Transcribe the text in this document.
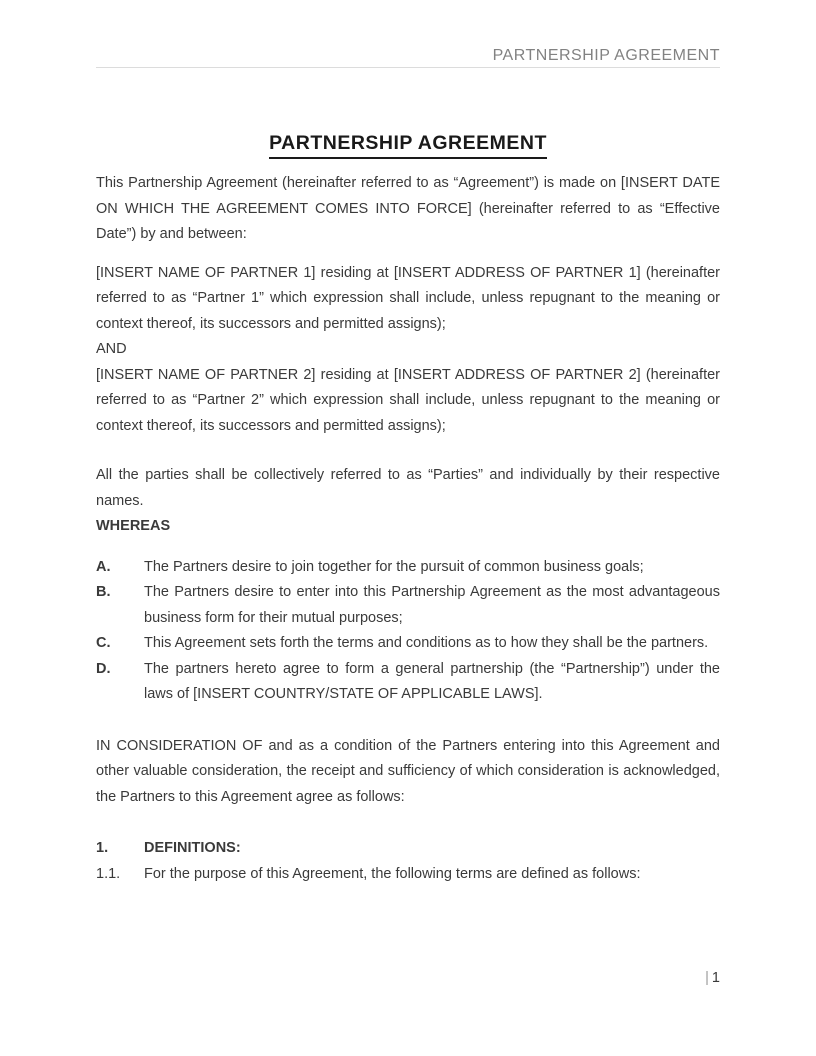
PARTNERSHIP AGREEMENT
PARTNERSHIP AGREEMENT
This Partnership Agreement (hereinafter referred to as “Agreement”) is made on [INSERT DATE ON WHICH THE AGREEMENT COMES INTO FORCE] (hereinafter referred to as “Effective Date”) by and between:
[INSERT NAME OF PARTNER 1] residing at [INSERT ADDRESS OF PARTNER 1] (hereinafter referred to as “Partner 1” which expression shall include, unless repugnant to the meaning or context thereof, its successors and permitted assigns);
AND
[INSERT NAME OF PARTNER 2] residing at [INSERT ADDRESS OF PARTNER 2] (hereinafter referred to as “Partner 2” which expression shall include, unless repugnant to the meaning or context thereof, its successors and permitted assigns);
All the parties shall be collectively referred to as “Parties” and individually by their respective names.
WHEREAS
A.	The Partners desire to join together for the pursuit of common business goals;
B.	The Partners desire to enter into this Partnership Agreement as the most advantageous business form for their mutual purposes;
C.	This Agreement sets forth the terms and conditions as to how they shall be the partners.
D.	The partners hereto agree to form a general partnership (the “Partnership”) under the laws of [INSERT COUNTRY/STATE OF APPLICABLE LAWS].
IN CONSIDERATION OF and as a condition of the Partners entering into this Agreement and other valuable consideration, the receipt and sufficiency of which consideration is acknowledged, the Partners to this Agreement agree as follows:
1.	DEFINITIONS:
1.1.	For the purpose of this Agreement, the following terms are defined as follows:
| 1
